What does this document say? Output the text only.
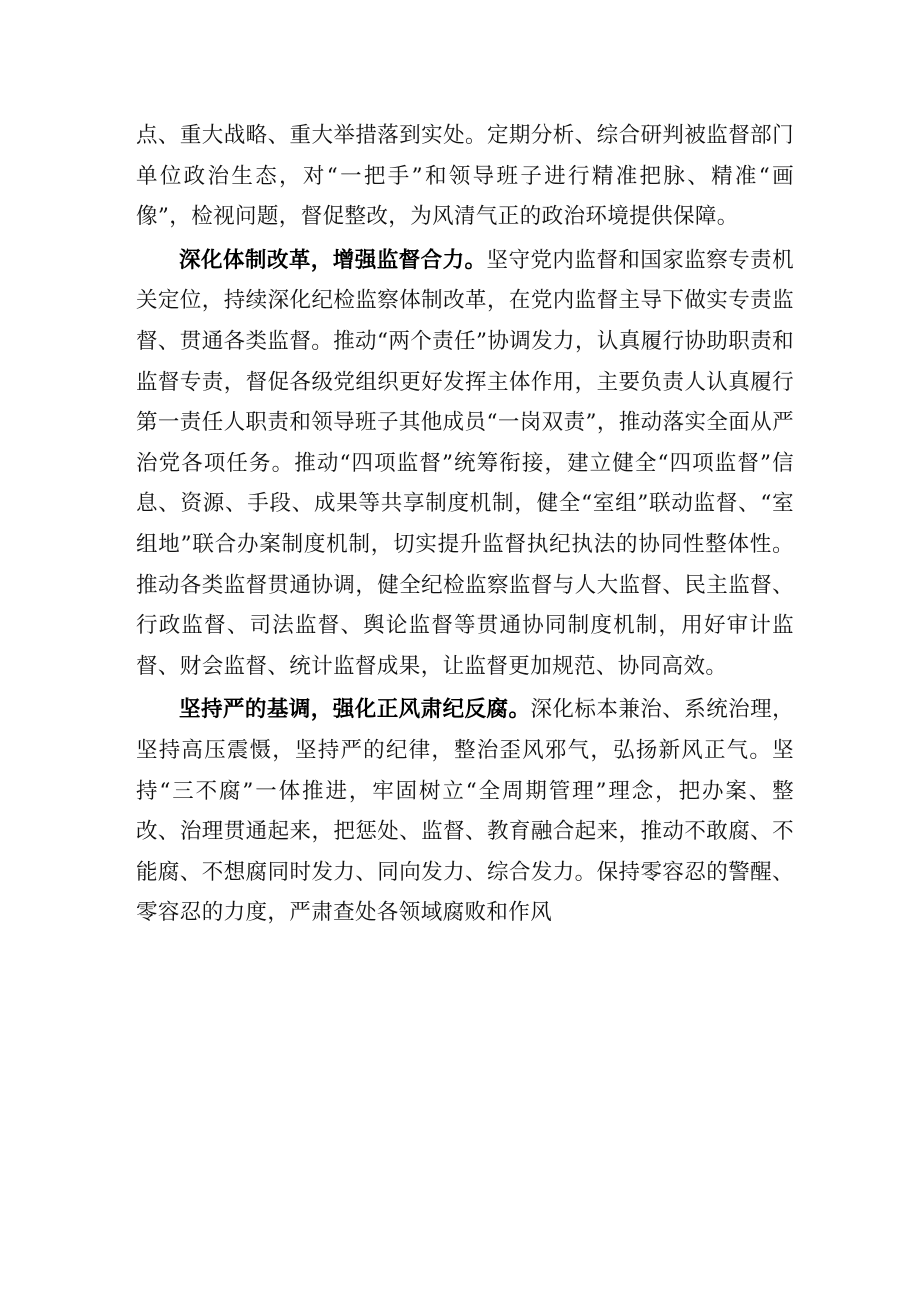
点、重大战略、重大举措落到实处。定期分析、综合研判被监督部门单位政治生态，对“一把手”和领导班子进行精准把脉、精准“画像”，检视问题，督促整改，为风清气正的政治环境提供保障。

深化体制改革，增强监督合力。坚守党内监督和国家监察专责机关定位，持续深化纪检监察体制改革，在党内监督主导下做实专责监督、贯通各类监督。推动“两个责任”协调发力，认真履行协助职责和监督专责，督促各级党组织更好发挥主体作用，主要负责人认真履行第一责任人职责和领导班子其他成员“一岗双责”，推动落实全面从严治党各项任务。推动“四项监督”统筹衔接，建立健全“四项监督”信息、资源、手段、成果等共享制度机制，健全“室组”联动监督、“室组地”联合办案制度机制，切实提升监督执纪执法的协同性整体性。推动各类监督贯通协调，健全纪检监察监督与人大监督、民主监督、行政监督、司法监督、舆论监督等贯通协同制度机制，用好审计监督、财会监督、统计监督成果，让监督更加规范、协同高效。

坚持严的基调，强化正风肃纪反腐。深化标本兼治、系统治理，坚持高压震慑，坚持严的纪律，整治歪风邪气，弘扬新风正气。坚持“三不腐”一体推进，牢固树立“全周期管理”理念，把办案、整改、治理贯通起来，把惩处、监督、教育融合起来，推动不敢腐、不能腐、不想腐同时发力、同向发力、综合发力。保持零容忍的警醒、零容忍的力度，严肃查处各领域腐败和作风
